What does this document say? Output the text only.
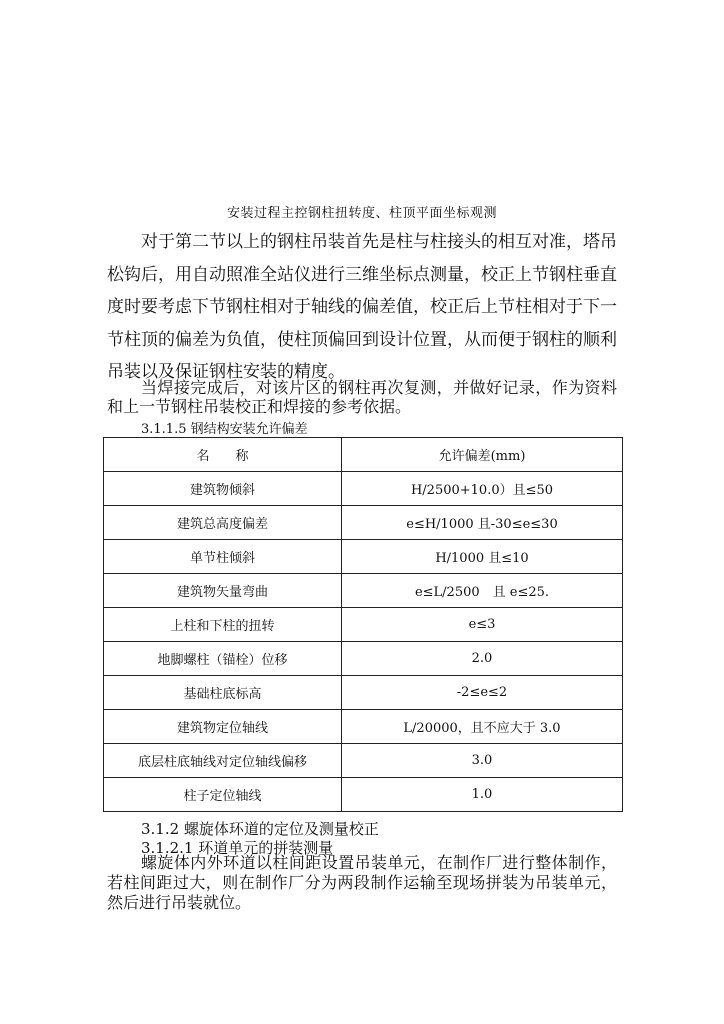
安装过程主控钢柱扭转度、柱顶平面坐标观测
对于第二节以上的钢柱吊装首先是柱与柱接头的相互对准，塔吊松钩后，用自动照准全站仪进行三维坐标点测量，校正上节钢柱垂直度时要考虑下节钢柱相对于轴线的偏差值，校正后上节柱相对于下一节柱顶的偏差为负值，使柱顶偏回到设计位置，从而便于钢柱的顺利吊装以及保证钢柱安装的精度。
当焊接完成后，对该片区的钢柱再次复测，并做好记录，作为资料和上一节钢柱吊装校正和焊接的参考依据。
3.1.1.5 钢结构安装允许偏差
名　　称	允许偏差(mm)
建筑物倾斜	H/2500+10.0）且≤50
建筑总高度偏差	e≤H/1000 且-30≤e≤30
单节柱倾斜	H/1000 且≤10
建筑物矢量弯曲	e≤L/2500　且 e≤25.
上柱和下柱的扭转	e≤3
地脚螺柱（锚栓）位移	2.0
基础柱底标高	-2≤e≤2
建筑物定位轴线	L/20000，且不应大于 3.0
底层柱底轴线对定位轴线偏移	3.0
柱子定位轴线	1.0
3.1.2 螺旋体环道的定位及测量校正
3.1.2.1 环道单元的拼装测量
螺旋体内外环道以柱间距设置吊装单元，在制作厂进行整体制作，若柱间距过大，则在制作厂分为两段制作运输至现场拼装为吊装单元，然后进行吊装就位。
